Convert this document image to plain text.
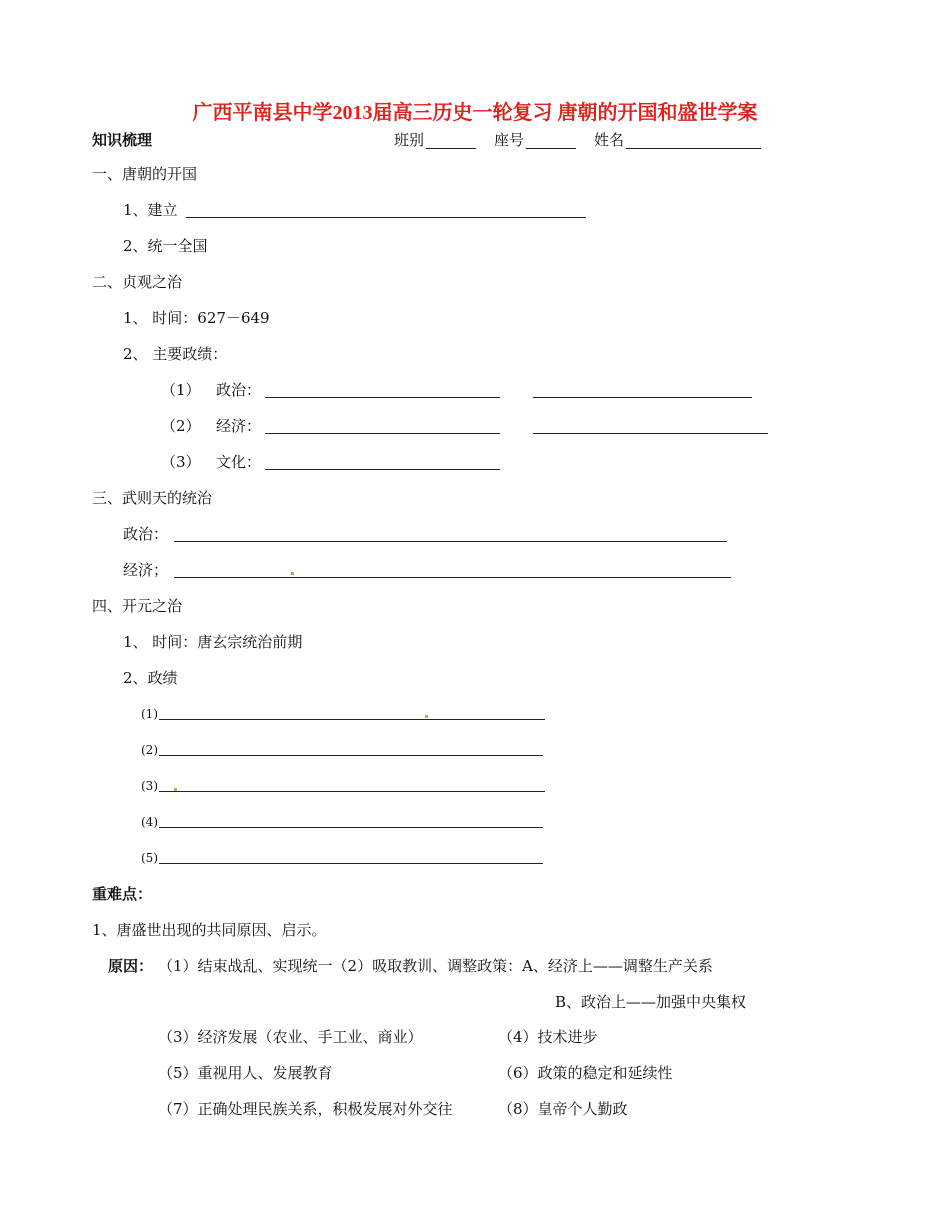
广西平南县中学2013届高三历史一轮复习 唐朝的开国和盛世学案
知识梳理	班别	座号	姓名
一、唐朝的开国
1、建立
2、统一全国
二、贞观之治
1、 时间：627－649
2、 主要政绩：
（1） 政治：
（2） 经济：
（3） 文化：
三、武则天的统治
政治：
经济；
四、开元之治
1、 时间：唐玄宗统治前期
2、政绩
(1)
(2)
(3)
(4)
(5)
重难点：
1、唐盛世出现的共同原因、启示。
原因： （1）结束战乱、实现统一（2）吸取教训、调整政策：A、经济上——调整生产关系
B、政治上——加强中央集权
（3）经济发展（农业、手工业、商业）	（4）技术进步
（5）重视用人、发展教育	（6）政策的稳定和延续性
（7）正确处理民族关系，积极发展对外交往	（8）皇帝个人勤政
